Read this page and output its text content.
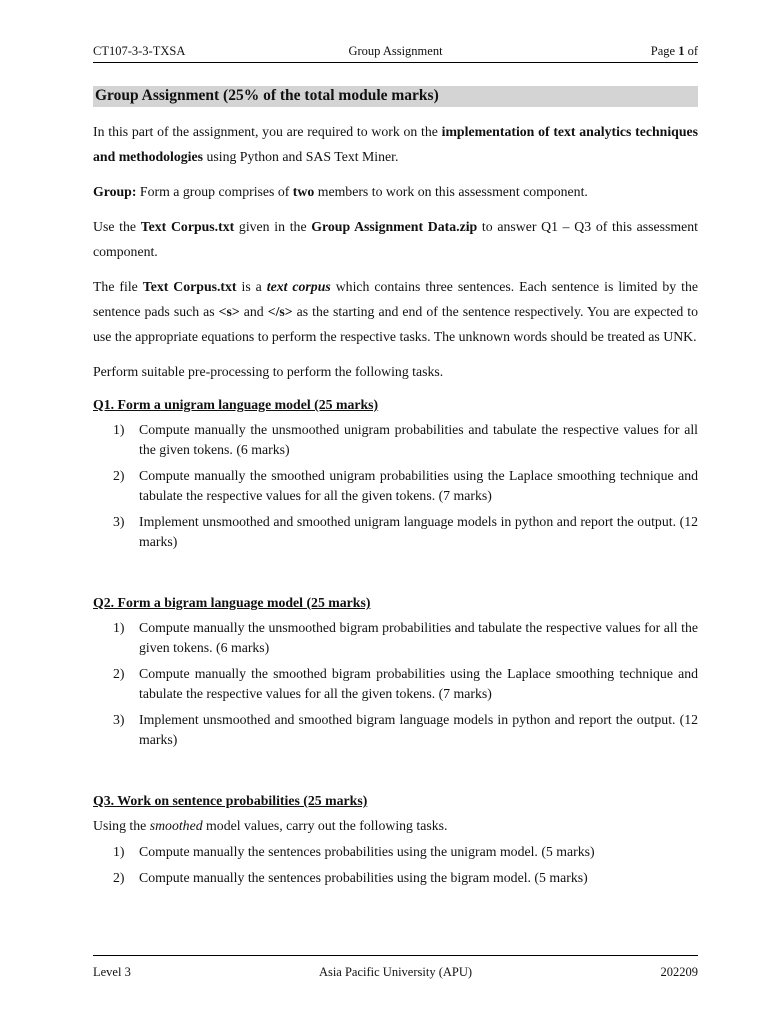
CT107-3-3-TXSA	Group Assignment	Page 1 of
Group Assignment (25% of the total module marks)

In this part of the assignment, you are required to work on the implementation of text analytics techniques and methodologies using Python and SAS Text Miner.

Group: Form a group comprises of two members to work on this assessment component.

Use the Text Corpus.txt given in the Group Assignment Data.zip to answer Q1 – Q3 of this assessment component.

The file Text Corpus.txt is a text corpus which contains three sentences. Each sentence is limited by the sentence pads such as <s> and </s> as the starting and end of the sentence respectively. You are expected to use the appropriate equations to perform the respective tasks. The unknown words should be treated as UNK.

Perform suitable pre-processing to perform the following tasks.

Q1. Form a unigram language model (25 marks)
1) Compute manually the unsmoothed unigram probabilities and tabulate the respective values for all the given tokens. (6 marks)
2) Compute manually the smoothed unigram probabilities using the Laplace smoothing technique and tabulate the respective values for all the given tokens. (7 marks)
3) Implement unsmoothed and smoothed unigram language models in python and report the output. (12 marks)
Q2. Form a bigram language model (25 marks)
1) Compute manually the unsmoothed bigram probabilities and tabulate the respective values for all the given tokens. (6 marks)
2) Compute manually the smoothed bigram probabilities using the Laplace smoothing technique and tabulate the respective values for all the given tokens. (7 marks)
3) Implement unsmoothed and smoothed bigram language models in python and report the output. (12 marks)
Q3. Work on sentence probabilities (25 marks)

Using the smoothed model values, carry out the following tasks.

1) Compute manually the sentences probabilities using the unigram model. (5 marks)
2) Compute manually the sentences probabilities using the bigram model. (5 marks)
Level 3	Asia Pacific University (APU)	202209
